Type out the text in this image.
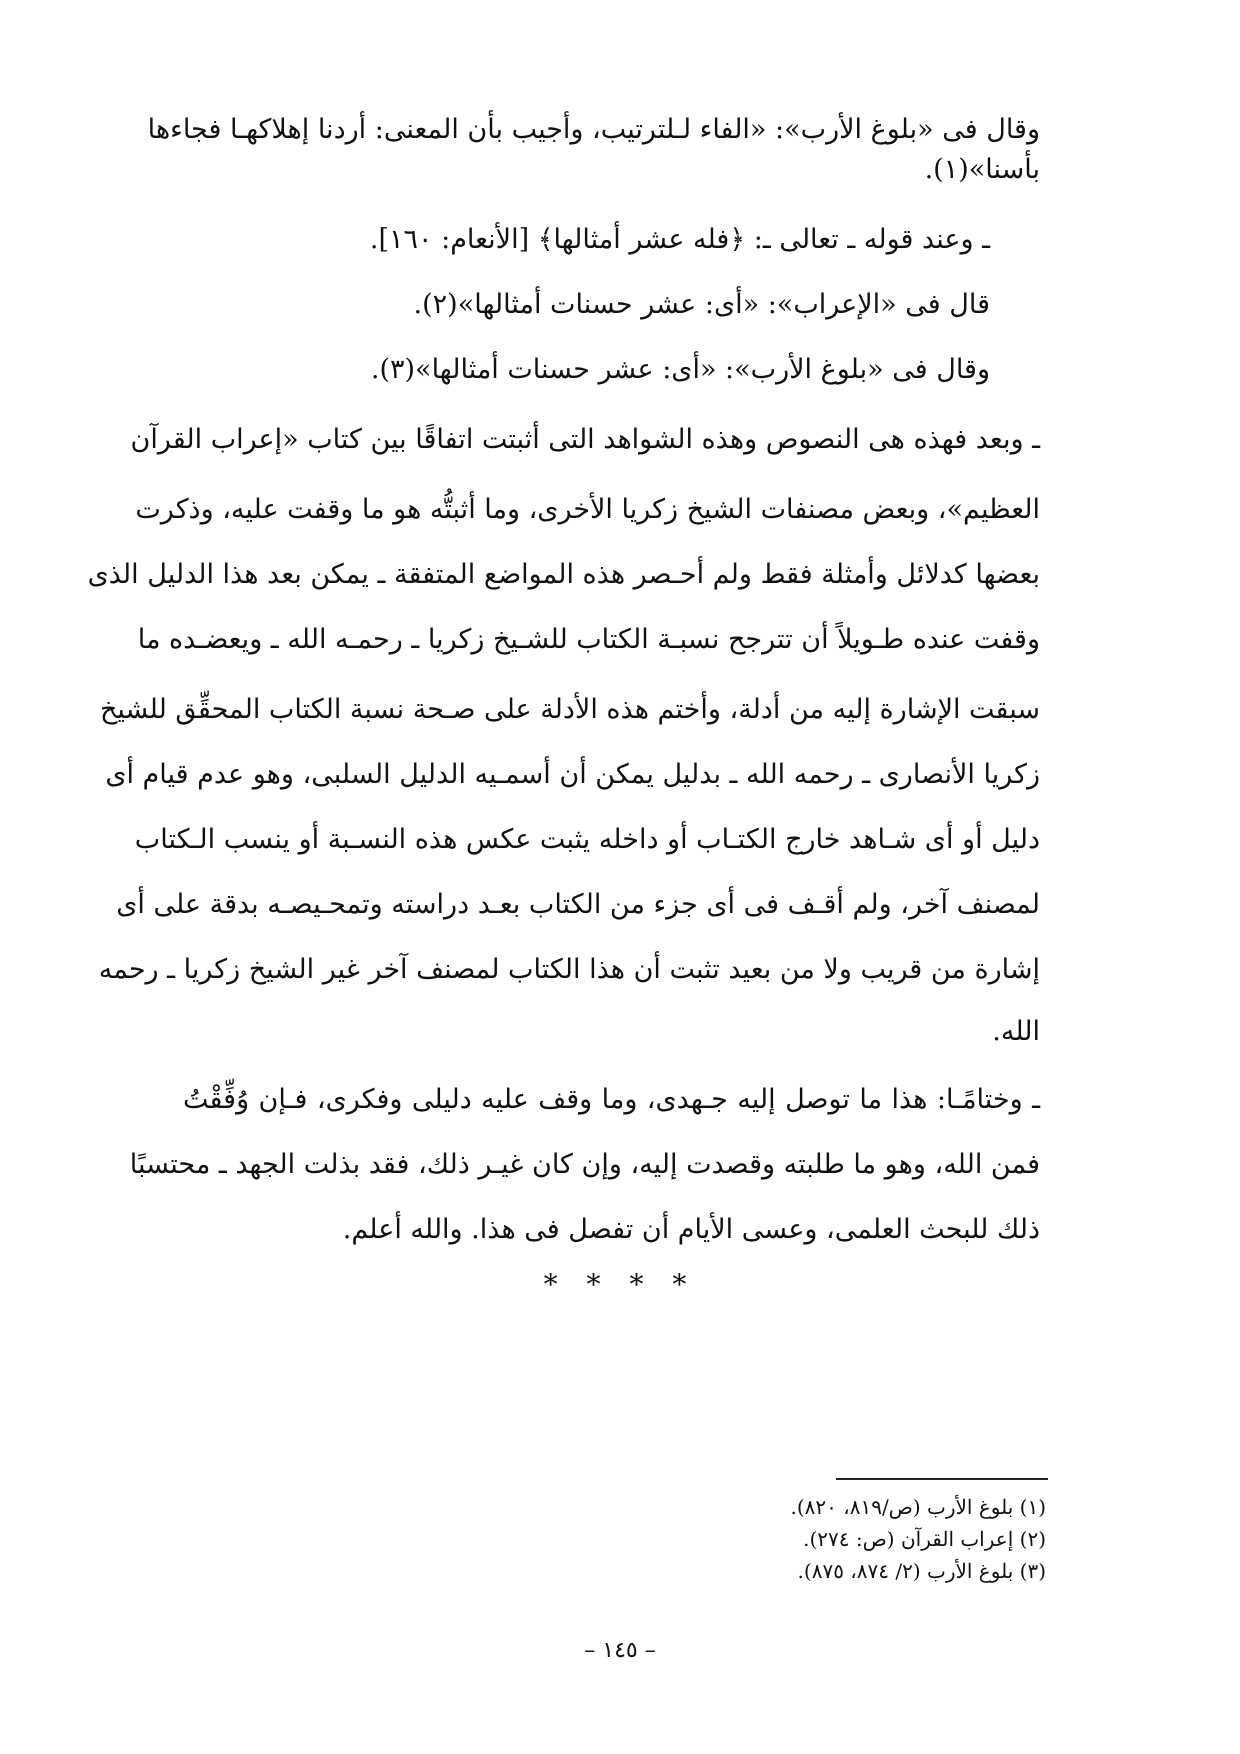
وقال فى «بلوغ الأرب»: «الفاء لـلترتيب، وأجيب بأن المعنى: أردنا إهلاكهـا فجاءها
بأسنا»(١).
ـ وعند قوله ـ تعالى ـ: ﴿فله عشر أمثالها﴾ [الأنعام: ١٦٠].
قال فى «الإعراب»: «أى: عشر حسنات أمثالها»(٢).
وقال فى «بلوغ الأرب»: «أى: عشر حسنات أمثالها»(٣).
ـ وبعد فهذه هى النصوص وهذه الشواهد التى أثبتت اتفاقًا بين كتاب «إعراب القرآن
العظيم»، وبعض مصنفات الشيخ زكريا الأخرى، وما أثبتُّه هو ما وقفت عليه، وذكرت
بعضها كدلائل وأمثلة فقط ولم أحـصر هذه المواضع المتفقة ـ يمكن بعد هذا الدليل الذى
وقفت عنده طـويلاً أن تترجح نسبـة الكتاب للشـيخ زكريا ـ رحمـه الله ـ ويعضـده ما
سبقت الإشارة إليه من أدلة، وأختم هذه الأدلة على صـحة نسبة الكتاب المحقِّق للشيخ
زكريا الأنصارى ـ رحمه الله ـ بدليل يمكن أن أسمـيه الدليل السلبى، وهو عدم قيام أى
دليل أو أى شـاهد خارج الكتـاب أو داخله يثبت عكس هذه النسـبة أو ينسب الـكتاب
لمصنف آخر، ولم أقـف فى أى جزء من الكتاب بعـد دراسته وتمحـيصـه بدقة على أى
إشارة من قريب ولا من بعيد تثبت أن هذا الكتاب لمصنف آخر غير الشيخ زكريا ـ رحمه
الله.
ـ وختامًـا: هذا ما توصل إليه جـهدى، وما وقف عليه دليلى وفكرى، فـإن وُفِّقْتُ
فمن الله، وهو ما طلبته وقصدت إليه، وإن كان غيـر ذلك، فقد بذلت الجهد ـ محتسبًا
ذلك للبحث العلمى، وعسى الأيام أن تفصل فى هذا. والله أعلم.
* * * *
(١) بلوغ الأرب (ص/٨١٩، ٨٢٠).
(٢) إعراب القرآن (ص: ٢٧٤).
(٣) بلوغ الأرب (٢/ ٨٧٤، ٨٧٥).
– ١٤٥ –
